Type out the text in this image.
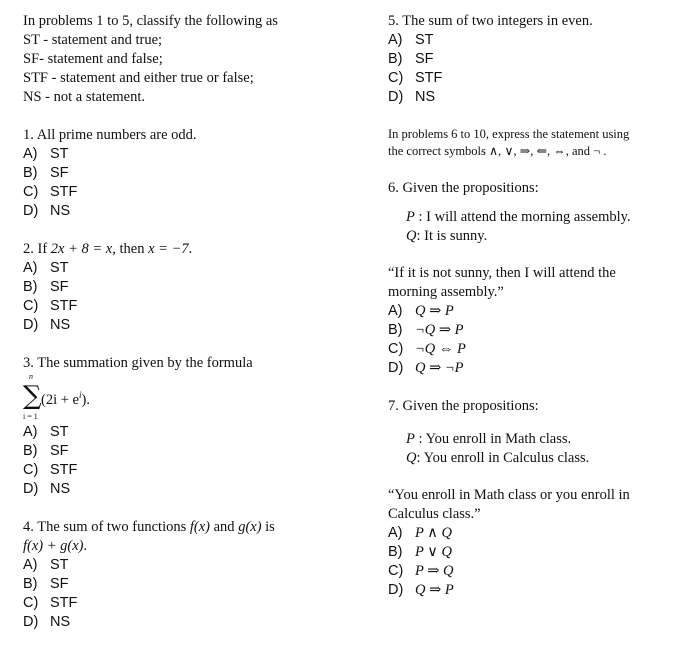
In problems 1 to 5, classify the following as
ST - statement and true;
SF- statement and false;
STF - statement and either true or false;
NS - not a statement.
1. All prime numbers are odd.
A) ST
B) SF
C) STF
D) NS
2. If 2x + 8 = x, then x = −7.
A) ST
B) SF
C) STF
D) NS
3. The summation given by the formula
n
∑
i = 1
$(2i + e^i)$.
A) ST
B) SF
C) STF
D) NS
4. The sum of two functions f(x) and g(x) is
f(x) + g(x).
A) ST
B) SF
C) STF
D) NS
5. The sum of two integers in even.
A) ST
B) SF
C) STF
D) NS
In problems 6 to 10, express the statement using
the correct symbols ∧, ∨, ⇒, ⇐, ⇔, and ¬ .
6. Given the propositions:
P : I will attend the morning assembly.
Q: It is sunny.
“If it is not sunny, then I will attend the
morning assembly.”
A) Q ⇒ P
B) ¬Q ⇒ P
C) ¬Q ⇔ P
D) Q ⇒ ¬P
7. Given the propositions:
P : You enroll in Math class.
Q: You enroll in Calculus class.
“You enroll in Math class or you enroll in
Calculus class.”
A) P ∧ Q
B) P ∨ Q
C) P ⇒ Q
D) Q ⇒ P
